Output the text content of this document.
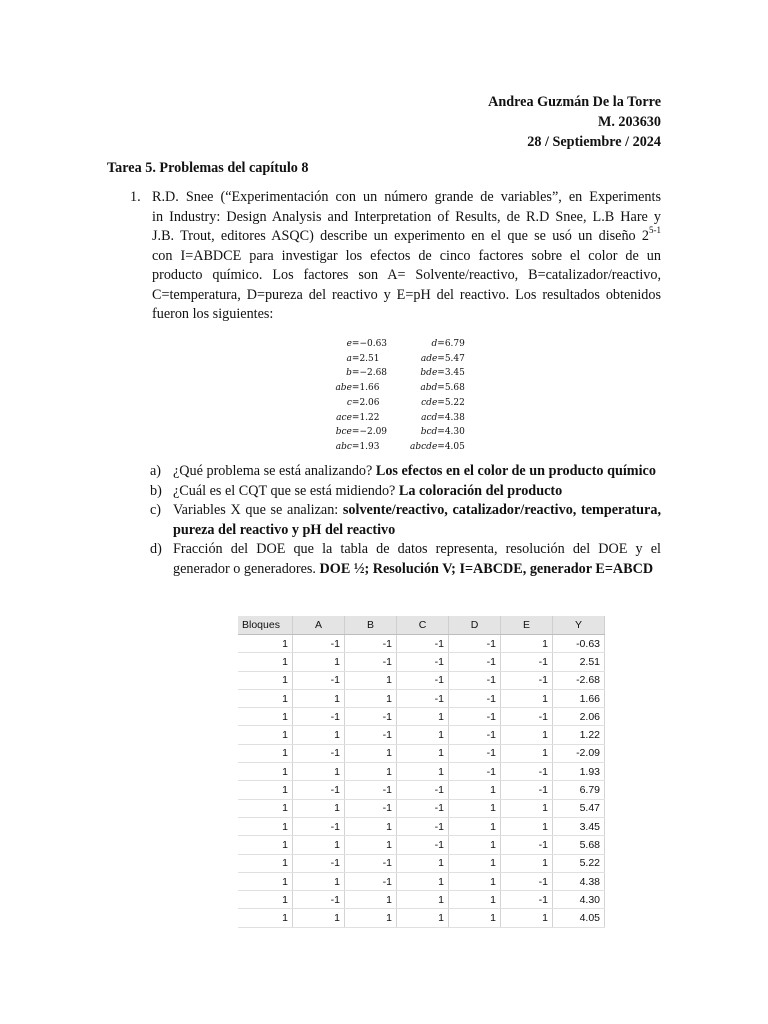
Andrea Guzmán De la Torre
M. 203630
28 / Septiembre / 2024
Tarea 5. Problemas del capítulo 8
1. R.D. Snee (“Experimentación con un número grande de variables”, en Experiments
in Industry: Design Analysis and Interpretation of Results, de R.D Snee, L.B Hare y
J.B. Trout, editores ASQC) describe un experimento en el que se usó un diseño 2$^{5-1}$
con I=ABDCE para investigar los efectos de cinco factores sobre el color de un
producto químico. Los factores son A= Solvente/reactivo, B=catalizador/reactivo,
C=temperatura, D=pureza del reactivo y E=pH del reactivo. Los resultados obtenidos
fueron los siguientes:
e = −0.63	d = 6.79
a = 2.51	ade = 5.47
b = −2.68	bde = 3.45
abe = 1.66	abd = 5.68
c = 2.06	cde = 5.22
ace = 1.22	acd = 4.38
bce = −2.09	bcd = 4.30
abc = 1.93	abcde = 4.05
a) ¿Qué problema se está analizando? Los efectos en el color de un producto químico
b) ¿Cuál es el CQT que se está midiendo? La coloración del producto
c) Variables X que se analizan: solvente/reactivo, catalizador/reactivo, temperatura, pureza del reactivo y pH del reactivo
d) Fracción del DOE que la tabla de datos representa, resolución del DOE y el generador o generadores. DOE ½; Resolución V; I=ABCDE, generador E=ABCD
Bloques	A	B	C	D	E	Y
1	-1	-1	-1	-1	1	-0.63
1	1	-1	-1	-1	-1	2.51
1	-1	1	-1	-1	-1	-2.68
1	1	1	-1	-1	1	1.66
1	-1	-1	1	-1	-1	2.06
1	1	-1	1	-1	1	1.22
1	-1	1	1	-1	1	-2.09
1	1	1	1	-1	-1	1.93
1	-1	-1	-1	1	-1	6.79
1	1	-1	-1	1	1	5.47
1	-1	1	-1	1	1	3.45
1	1	1	-1	1	-1	5.68
1	-1	-1	1	1	1	5.22
1	1	-1	1	1	-1	4.38
1	-1	1	1	1	-1	4.30
1	1	1	1	1	1	4.05
